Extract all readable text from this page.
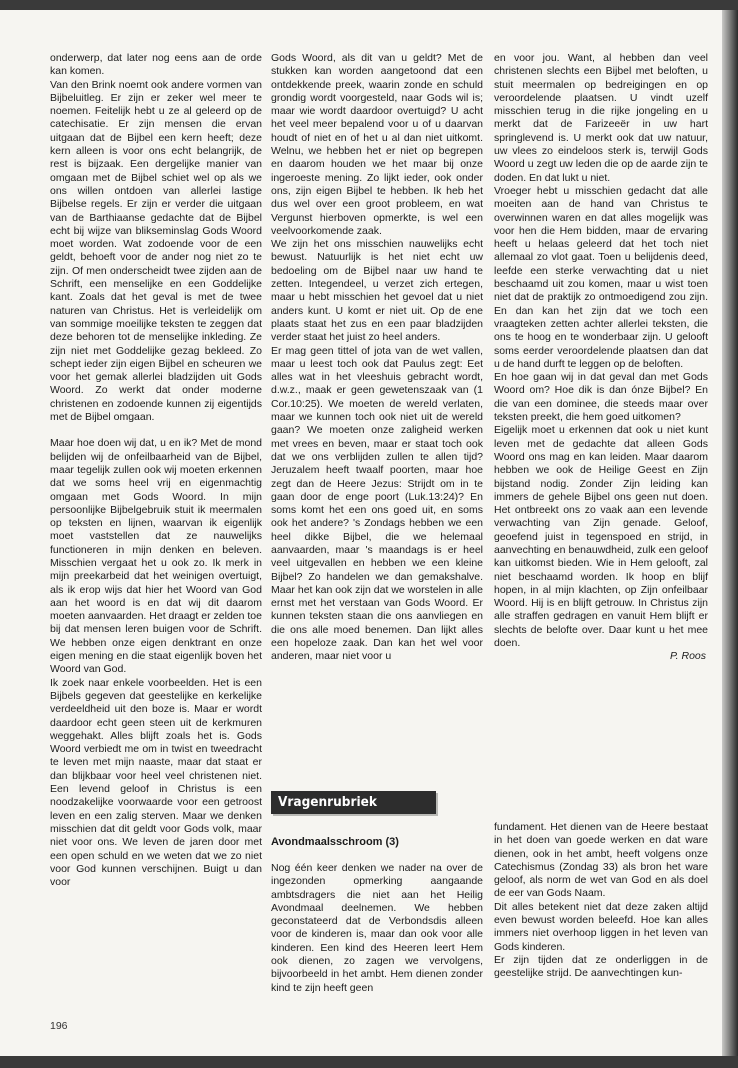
onderwerp, dat later nog eens aan de orde kan komen.

Van den Brink noemt ook andere vormen van Bijbeluitleg. Er zijn er zeker wel meer te noemen. Feitelijk hebt u ze al geleerd op de catechisatie. Er zijn mensen die ervan uitgaan dat de Bijbel een kern heeft; deze kern alleen is voor ons echt belangrijk, de rest is bijzaak. Een dergelijke manier van omgaan met de Bijbel schiet wel op als we ons willen ontdoen van allerlei lastige Bijbelse regels. Er zijn er verder die uitgaan van de Barthiaanse gedachte dat de Bijbel echt bij wijze van blikseminslag Gods Woord moet worden. Wat zodoende voor de een geldt, behoeft voor de ander nog niet zo te zijn. Of men onderscheidt twee zijden aan de Schrift, een menselijke en een Goddelijke kant. Zoals dat het geval is met de twee naturen van Christus. Het is verleidelijk om van sommige moeilijke teksten te zeggen dat deze behoren tot de menselijke inkleding. Ze zijn niet met Goddelijke gezag bekleed. Zo schept ieder zijn eigen Bijbel en scheuren we voor het gemak allerlei bladzijden uit Gods Woord. Zo werkt dat onder moderne christenen en zodoende kunnen zij eigentijds met de Bijbel omgaan.

Maar hoe doen wij dat, u en ik? Met de mond belijden wij de onfeilbaarheid van de Bijbel, maar tegelijk zullen ook wij moeten erkennen dat we soms heel vrij en eigenmachtig omgaan met Gods Woord. In mijn persoonlijke Bijbelgebruik stuit ik meermalen op teksten en lijnen, waarvan ik eigenlijk moet vaststellen dat ze nauwelijks functioneren in mijn denken en beleven. Misschien vergaat het u ook zo. Ik merk in mijn preekarbeid dat het weinigen overtuigt, als ik erop wijs dat hier het Woord van God aan het woord is en dat wij dit daarom moeten aanvaarden. Het draagt er zelden toe bij dat mensen leren buigen voor de Schrift. We hebben onze eigen denktrant en onze eigen mening en die staat eigenlijk boven het Woord van God.

Ik zoek naar enkele voorbeelden. Het is een Bijbels gegeven dat geestelijke en kerkelijke verdeeldheid uit den boze is. Maar er wordt daardoor echt geen steen uit de kerkmuren weggehakt. Alles blijft zoals het is. Gods Woord verbiedt me om in twist en tweedracht te leven met mijn naaste, maar dat staat er dan blijkbaar voor heel veel christenen niet. Een levend geloof in Christus is een noodzakelijke voorwaarde voor een getroost leven en een zalig sterven. Maar we denken misschien dat dit geldt voor Gods volk, maar niet voor ons. We leven de jaren door met een open schuld en we weten dat we zo niet voor God kunnen verschijnen. Buigt u dan voor

Gods Woord, als dit van u geldt? Met de stukken kan worden aangetoond dat een ontdekkende preek, waarin zonde en schuld grondig wordt voorgesteld, naar Gods wil is; maar wie wordt daardoor overtuigd? U acht het veel meer bepalend voor u of u daarvan houdt of niet en of het u al dan niet uitkomt. Welnu, we hebben het er niet op begrepen en daarom houden we het maar bij onze ingeroeste mening. Zo lijkt ieder, ook onder ons, zijn eigen Bijbel te hebben. Ik heb het dus wel over een groot probleem, en wat Vergunst hierboven opmerkte, is wel een veelvoorkomende zaak.

We zijn het ons misschien nauwelijks echt bewust. Natuurlijk is het niet echt uw bedoeling om de Bijbel naar uw hand te zetten. Integendeel, u verzet zich ertegen, maar u hebt misschien het gevoel dat u niet anders kunt. U komt er niet uit. Op de ene plaats staat het zus en een paar bladzijden verder staat het juist zo heel anders.

Er mag geen tittel of jota van de wet vallen, maar u leest toch ook dat Paulus zegt: Eet alles wat in het vleeshuis gebracht wordt, d.w.z., maak er geen gewetenszaak van (1 Cor.10:25). We moeten de wereld verlaten, maar we kunnen toch ook niet uit de wereld gaan? We moeten onze zaligheid werken met vrees en beven, maar er staat toch ook dat we ons verblijden zullen te allen tijd? Jeruzalem heeft twaalf poorten, maar hoe zegt dan de Heere Jezus: Strijdt om in te gaan door de enge poort (Luk.13:24)? En soms komt het een ons goed uit, en soms ook het andere? 's Zondags hebben we een heel dikke Bijbel, die we helemaal aanvaarden, maar 's maandags is er heel veel uitgevallen en hebben we een kleine Bijbel? Zo handelen we dan gemakshalve. Maar het kan ook zijn dat we worstelen in alle ernst met het verstaan van Gods Woord. Er kunnen teksten staan die ons aanvliegen en die ons alle moed benemen. Dan lijkt alles een hopeloze zaak. Dan kan het wel voor anderen, maar niet voor u

en voor jou. Want, al hebben dan veel christenen slechts een Bijbel met beloften, u stuit meermalen op bedreigingen en op veroordelende plaatsen. U vindt uzelf misschien terug in die rijke jongeling en u merkt dat de Farizeeër in uw hart springlevend is. U merkt ook dat uw natuur, uw vlees zo eindeloos sterk is, terwijl Gods Woord u zegt uw leden die op de aarde zijn te doden. En dat lukt u niet.

Vroeger hebt u misschien gedacht dat alle moeiten aan de hand van Christus te overwinnen waren en dat alles mogelijk was voor hen die Hem bidden, maar de ervaring heeft u helaas geleerd dat het toch niet allemaal zo vlot gaat. Toen u belijdenis deed, leefde een sterke verwachting dat u niet beschaamd uit zou komen, maar u wist toen niet dat de praktijk zo ontmoedigend zou zijn. En dan kan het zijn dat we toch een vraagteken zetten achter allerlei teksten, die ons te hoog en te wonderbaar zijn. U gelooft soms eerder veroordelende plaatsen dan dat u de hand durft te leggen op de beloften.

En hoe gaan wij in dat geval dan met Gods Woord om? Hoe dik is dan ónze Bijbel? En die van een dominee, die steeds maar over teksten preekt, die hem goed uitkomen?

Eigelijk moet u erkennen dat ook u niet kunt leven met de gedachte dat alleen Gods Woord ons mag en kan leiden. Maar daarom hebben we ook de Heilige Geest en Zijn bijstand nodig. Zonder Zijn leiding kan immers de gehele Bijbel ons geen nut doen. Het ontbreekt ons zo vaak aan een levende verwachting van Zijn genade. Geloof, geoefend juist in tegenspoed en strijd, in aanvechting en benauwdheid, zulk een geloof kan uitkomst bieden. Wie in Hem gelooft, zal niet beschaamd worden. Ik hoop en blijf hopen, in al mijn klachten, op Zijn onfeilbaar Woord. Hij is en blijft getrouw. In Christus zijn alle straffen gedragen en vanuit Hem blijft er slechts de belofte over. Daar kunt u het mee doen.

P. Roos

Vragenrubriek
Avondmaalsschroom (3)

Nog één keer denken we nader na over de ingezonden opmerking aangaande ambtsdragers die niet aan het Heilig Avondmaal deelnemen. We hebben geconstateerd dat de Verbondsdis alleen voor de kinderen is, maar dan ook voor alle kinderen. Een kind des Heeren leert Hem ook dienen, zo zagen we vervolgens, bijvoorbeeld in het ambt. Hem dienen zonder kind te zijn heeft geen

fundament. Het dienen van de Heere bestaat in het doen van goede werken en dat ware dienen, ook in het ambt, heeft volgens onze Catechismus (Zondag 33) als bron het ware geloof, als norm de wet van God en als doel de eer van Gods Naam.

Dit alles betekent niet dat deze zaken altijd even bewust worden beleefd. Hoe kan alles immers niet overhoop liggen in het leven van Gods kinderen.

Er zijn tijden dat ze onderliggen in de geestelijke strijd. De aanvechtingen kun-

196
